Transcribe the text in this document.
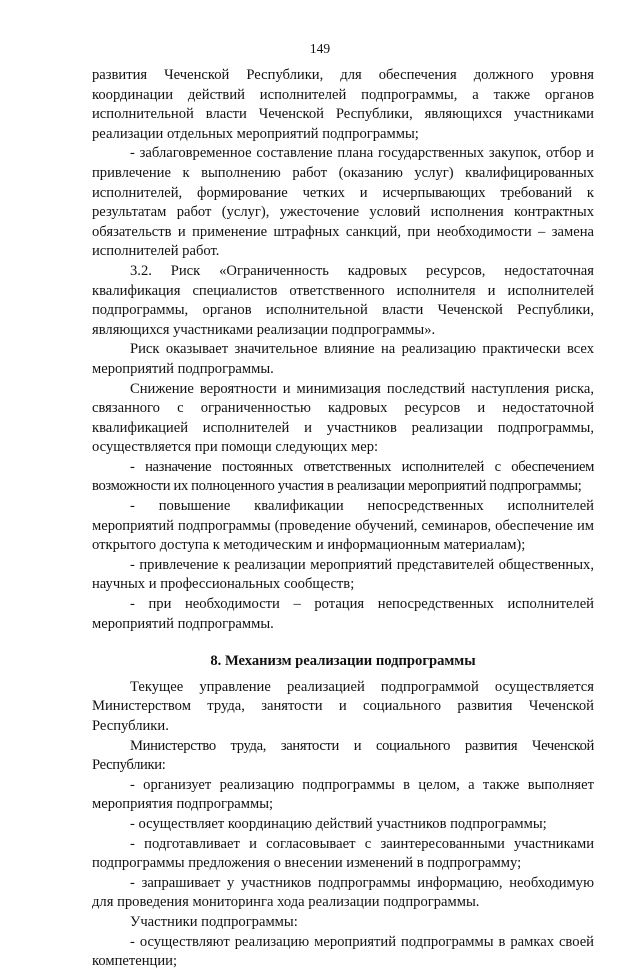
149

развития Чеченской Республики, для обеспечения должного уровня координации действий исполнителей подпрограммы, а также органов исполнительной власти Чеченской Республики, являющихся участниками реализации отдельных мероприятий подпрограммы;

- заблаговременное составление плана государственных закупок, отбор и привлечение к выполнению работ (оказанию услуг) квалифицированных исполнителей, формирование четких и исчерпывающих требований к результатам работ (услуг), ужесточение условий исполнения контрактных обязательств и применение штрафных санкций, при необходимости – замена исполнителей работ.

3.2. Риск «Ограниченность кадровых ресурсов, недостаточная квалификация специалистов ответственного исполнителя и исполнителей подпрограммы, органов исполнительной власти Чеченской Республики, являющихся участниками реализации подпрограммы».

Риск оказывает значительное влияние на реализацию практически всех мероприятий подпрограммы.

Снижение вероятности и минимизация последствий наступления риска, связанного с ограниченностью кадровых ресурсов и недостаточной квалификацией исполнителей и участников реализации подпрограммы, осуществляется при помощи следующих мер:

- назначение постоянных ответственных исполнителей с обеспечением возможности их полноценного участия в реализации мероприятий подпрограммы;

- повышение квалификации непосредственных исполнителей мероприятий подпрограммы (проведение обучений, семинаров, обеспечение им открытого доступа к методическим и информационным материалам);

- привлечение к реализации мероприятий представителей общественных, научных и профессиональных сообществ;

- при необходимости – ротация непосредственных исполнителей мероприятий подпрограммы.

8. Механизм реализации подпрограммы

Текущее управление реализацией подпрограммой осуществляется Министерством труда, занятости и социального развития Чеченской Республики.

Министерство труда, занятости и социального развития Чеченской Республики:

- организует реализацию подпрограммы в целом, а также выполняет мероприятия подпрограммы;

- осуществляет координацию действий участников подпрограммы;

- подготавливает и согласовывает с заинтересованными участниками подпрограммы предложения о внесении изменений в подпрограмму;

- запрашивает у участников подпрограммы информацию, необходимую для проведения мониторинга хода реализации подпрограммы.

Участники подпрограммы:

- осуществляют реализацию мероприятий подпрограммы в рамках своей компетенции;
